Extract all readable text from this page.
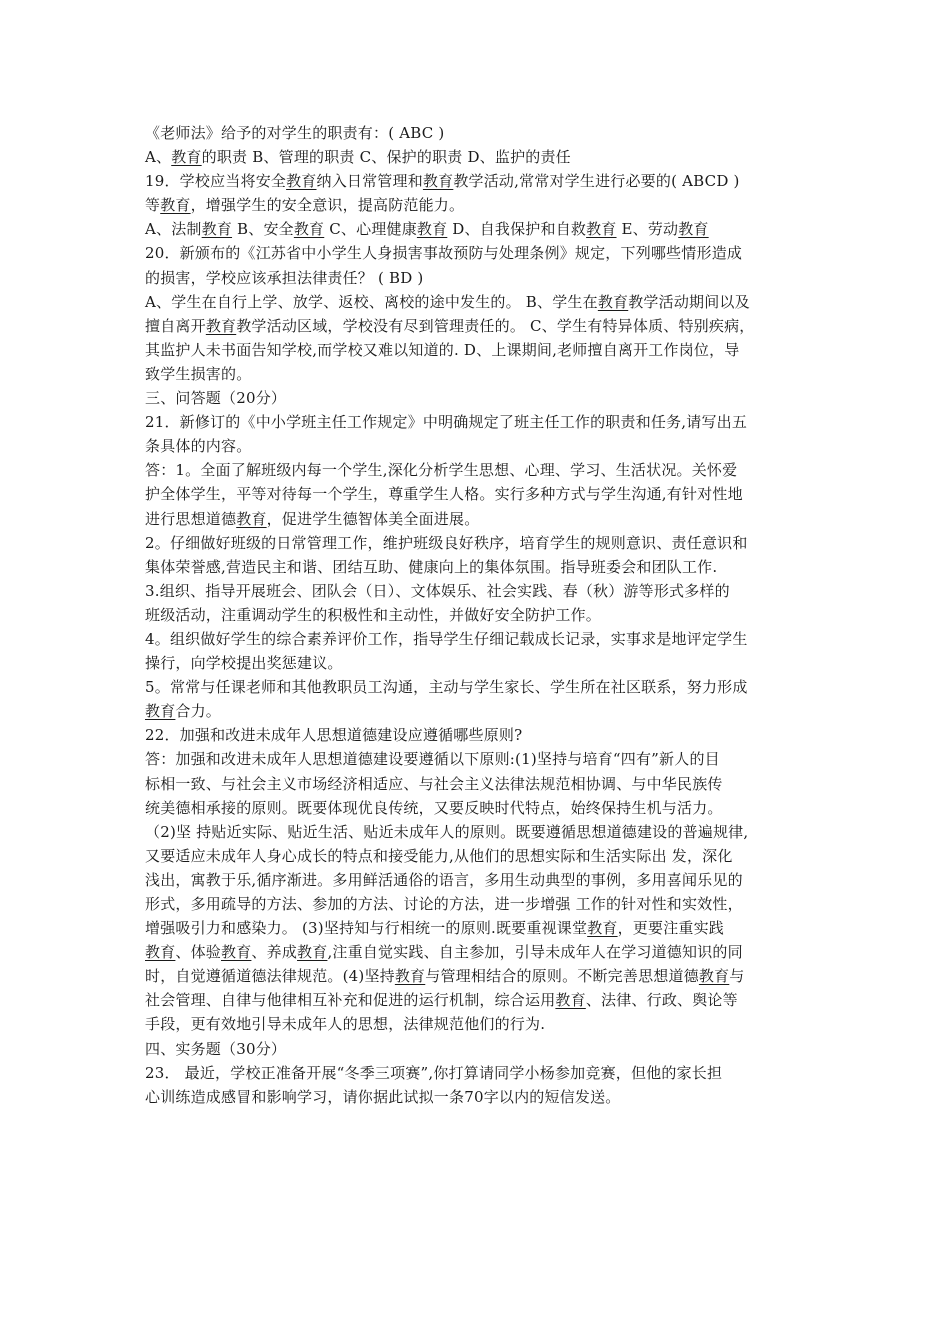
《老师法》给予的对学生的职责有：( ABC )
A、教育的职责 B、管理的职责 C、保护的职责 D、监护的责任
19．学校应当将安全教育纳入日常管理和教育教学活动,常常对学生进行必要的( ABCD )
等教育，增强学生的安全意识，提高防范能力。
A、法制教育 B、安全教育 C、心理健康教育 D、自我保护和自救教育 E、劳动教育
20．新颁布的《江苏省中小学生人身损害事故预防与处理条例》规定，下列哪些情形造成
的损害，学校应该承担法律责任？ ( BD )
A、学生在自行上学、放学、返校、离校的途中发生的。 B、学生在教育教学活动期间以及
擅自离开教育教学活动区域，学校没有尽到管理责任的。 C、学生有特异体质、特别疾病，
其监护人未书面告知学校,而学校又难以知道的. D、上课期间,老师擅自离开工作岗位，导
致学生损害的。
三、问答题（20分）
21．新修订的《中小学班主任工作规定》中明确规定了班主任工作的职责和任务,请写出五
条具体的内容。
答：1。全面了解班级内每一个学生,深化分析学生思想、心理、学习、生活状况。关怀爱
护全体学生，平等对待每一个学生，尊重学生人格。实行多种方式与学生沟通,有针对性地
进行思想道德教育，促进学生德智体美全面进展。
2。仔细做好班级的日常管理工作，维护班级良好秩序，培育学生的规则意识、责任意识和
集体荣誉感,营造民主和谐、团结互助、健康向上的集体氛围。指导班委会和团队工作.
3.组织、指导开展班会、团队会（日）、文体娱乐、社会实践、春（秋）游等形式多样的
班级活动，注重调动学生的积极性和主动性，并做好安全防护工作。
4。组织做好学生的综合素养评价工作，指导学生仔细记载成长记录，实事求是地评定学生
操行，向学校提出奖惩建议。
5。常常与任课老师和其他教职员工沟通，主动与学生家长、学生所在社区联系，努力形成
教育合力。
22．加强和改进未成年人思想道德建设应遵循哪些原则?
答：加强和改进未成年人思想道德建设要遵循以下原则:(1)坚持与培育“四有”新人的目
标相一致、与社会主义市场经济相适应、与社会主义法律法规范相协调、与中华民族传
统美德相承接的原则。既要体现优良传统，又要反映时代特点，始终保持生机与活力。
（2)坚 持贴近实际、贴近生活、贴近未成年人的原则。既要遵循思想道德建设的普遍规律,
又要适应未成年人身心成长的特点和接受能力,从他们的思想实际和生活实际出 发，深化
浅出，寓教于乐,循序渐进。多用鲜活通俗的语言，多用生动典型的事例，多用喜闻乐见的
形式，多用疏导的方法、参加的方法、讨论的方法，进一步增强 工作的针对性和实效性，
增强吸引力和感染力。 (3)坚持知与行相统一的原则.既要重视课堂教育，更要注重实践
教育、体验教育、养成教育,注重自觉实践、自主参加，引导未成年人在学习道德知识的同
时，自觉遵循道德法律规范。(4)坚持教育与管理相结合的原则。不断完善思想道德教育与
社会管理、自律与他律相互补充和促进的运行机制，综合运用教育、法律、行政、舆论等
手段，更有效地引导未成年人的思想，法律规范他们的行为.
四、实务题（30分）
23． 最近，学校正准备开展“冬季三项赛”,你打算请同学小杨参加竞赛，但他的家长担
心训练造成感冒和影响学习，请你据此试拟一条70字以内的短信发送。
